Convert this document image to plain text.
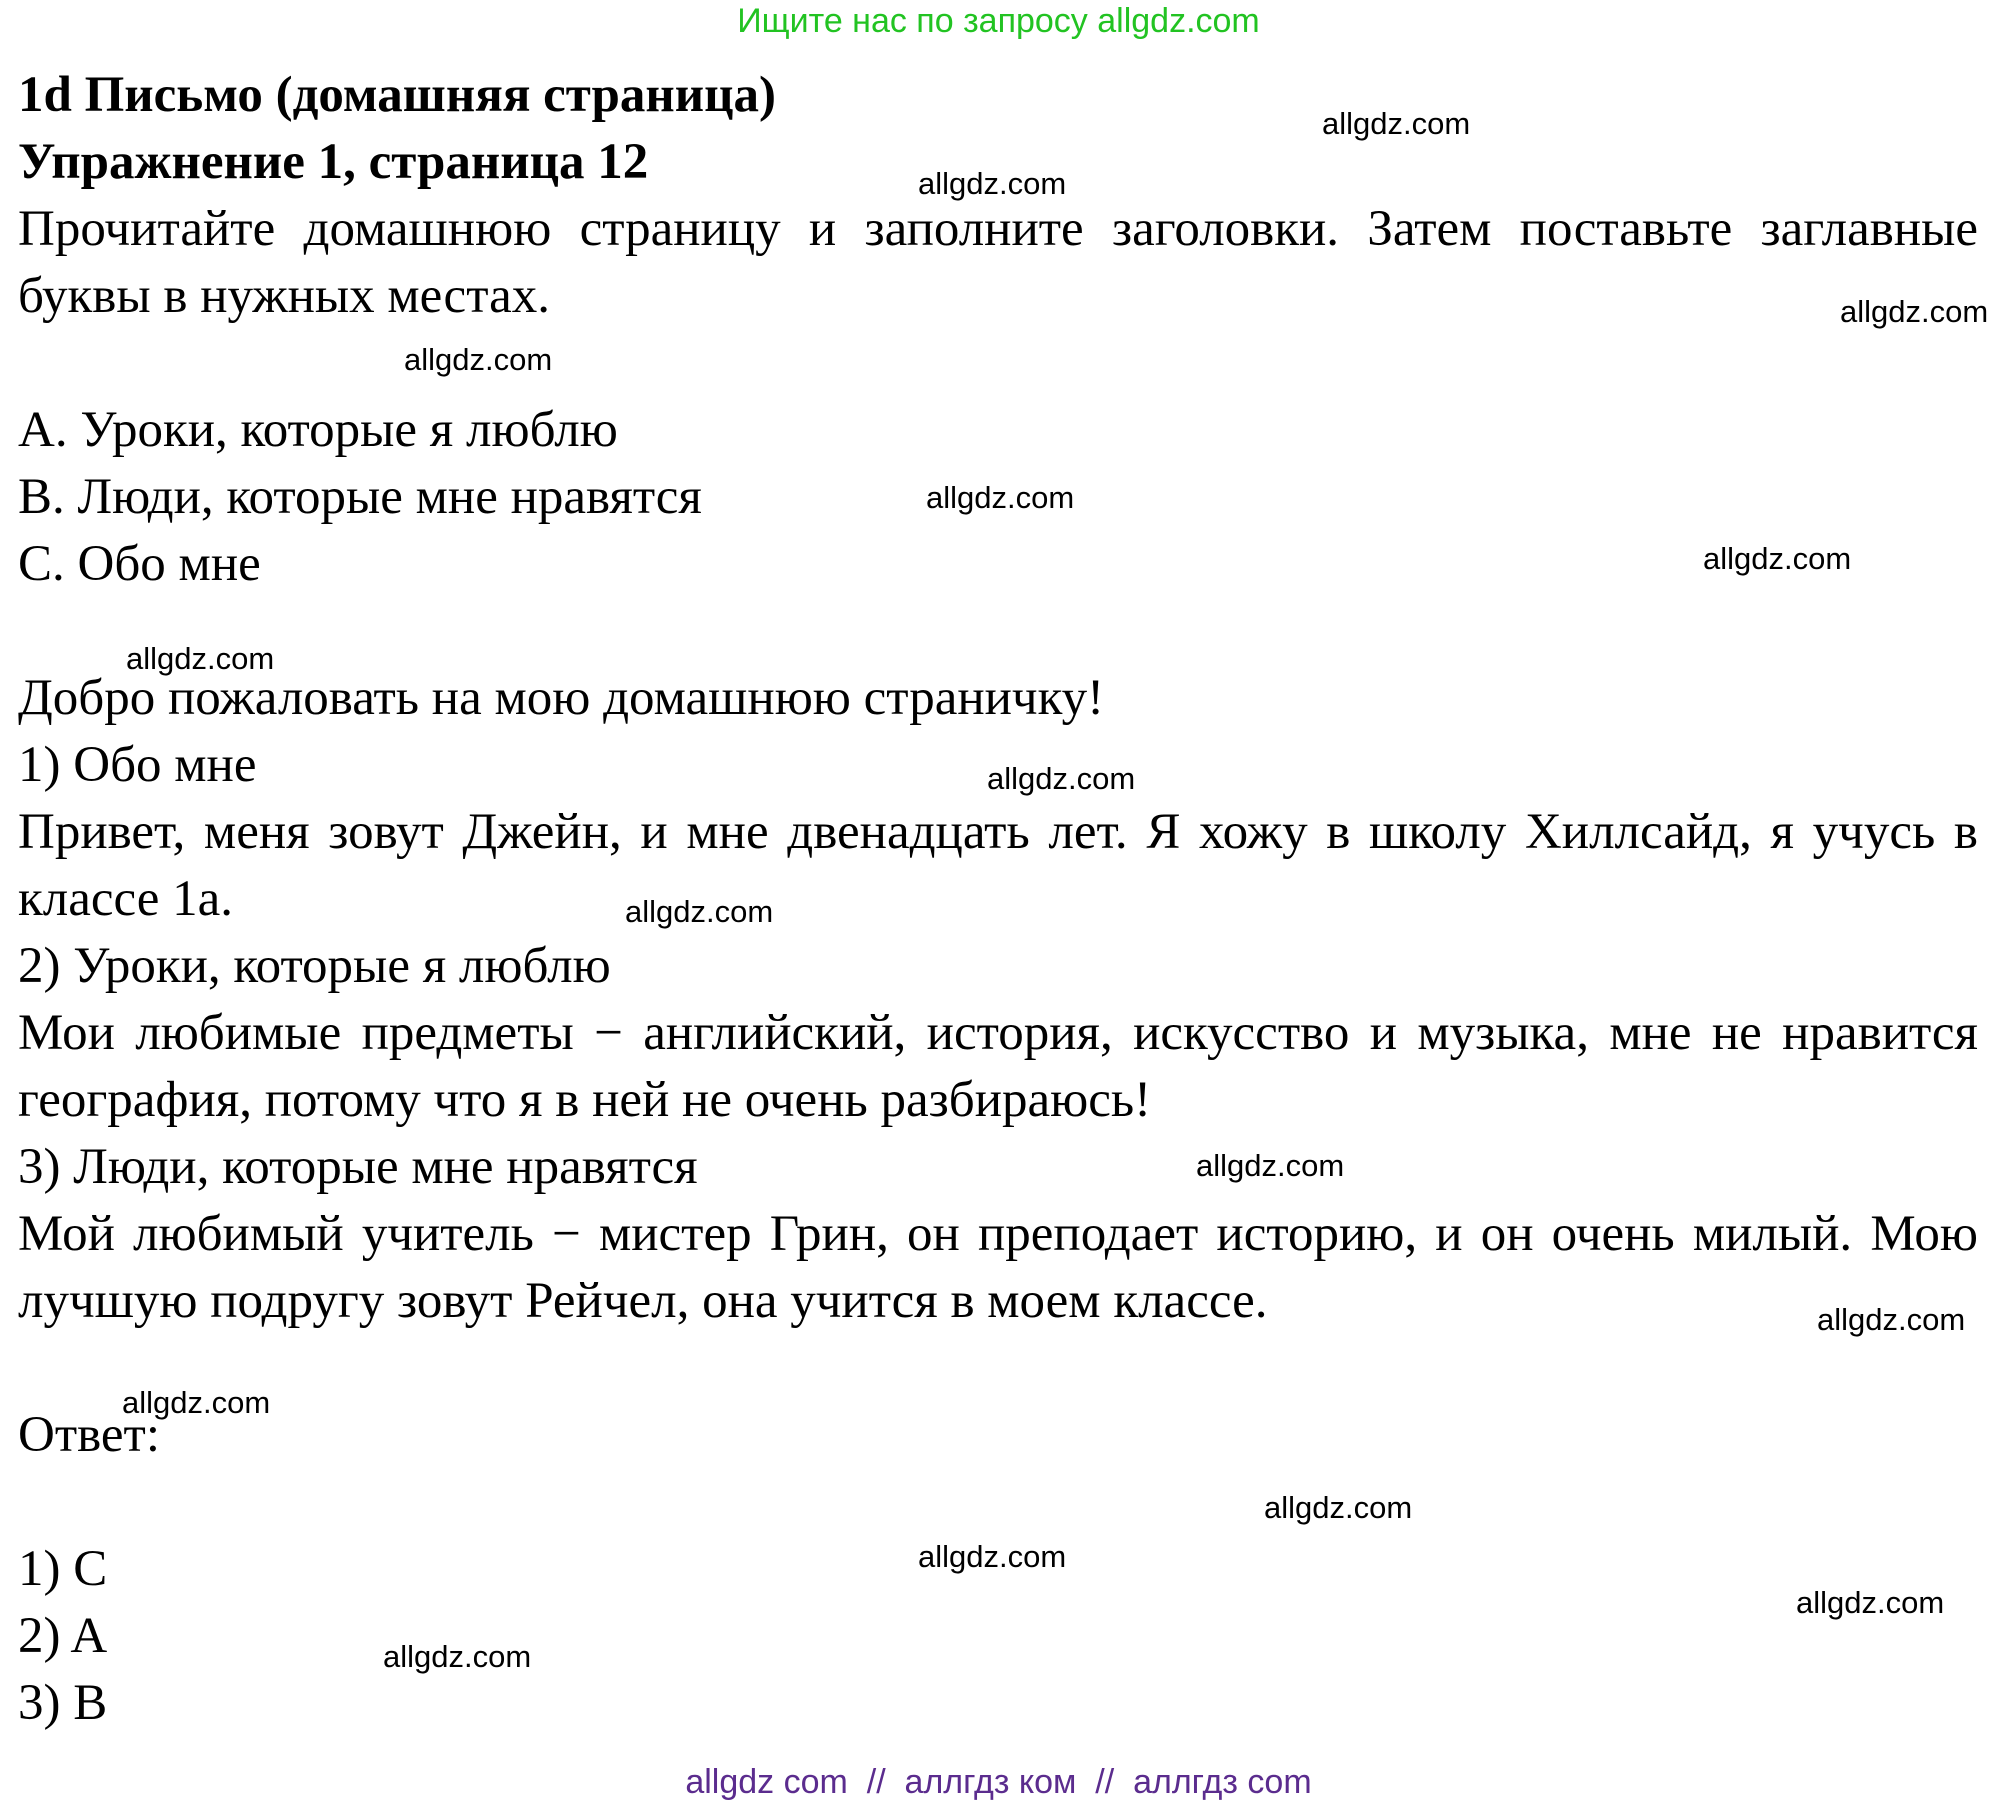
Ищите нас по запросу allgdz.com

1d Письмо (домашняя страница)

Упражнение 1, страница 12

Прочитайте домашнюю страницу и заполните заголовки. Затем поставьте заглавные буквы в нужных местах.

A. Уроки, которые я люблю

B. Люди, которые мне нравятся

C. Обо мне

Добро пожаловать на мою домашнюю страничку!

1) Обо мне

Привет, меня зовут Джейн, и мне двенадцать лет. Я хожу в школу Хиллсайд, я учусь в классе 1a.

2) Уроки, которые я люблю

Мои любимые предметы − английский, история, искусство и музыка, мне не нравится география, потому что я в ней не очень разбираюсь!

3) Люди, которые мне нравятся

Мой любимый учитель − мистер Грин, он преподает историю, и он очень милый. Мою лучшую подругу зовут Рейчел, она учится в моем классе.

Ответ:

1) C

2) A

3) B

allgdz.com
allgdz.com
allgdz.com
allgdz.com
allgdz.com
allgdz.com
allgdz.com
allgdz.com
allgdz.com
allgdz.com
allgdz.com
allgdz.com
allgdz.com
allgdz.com
allgdz.com
allgdz.com
allgdz com  //  аллгдз ком  //  аллгдз com
